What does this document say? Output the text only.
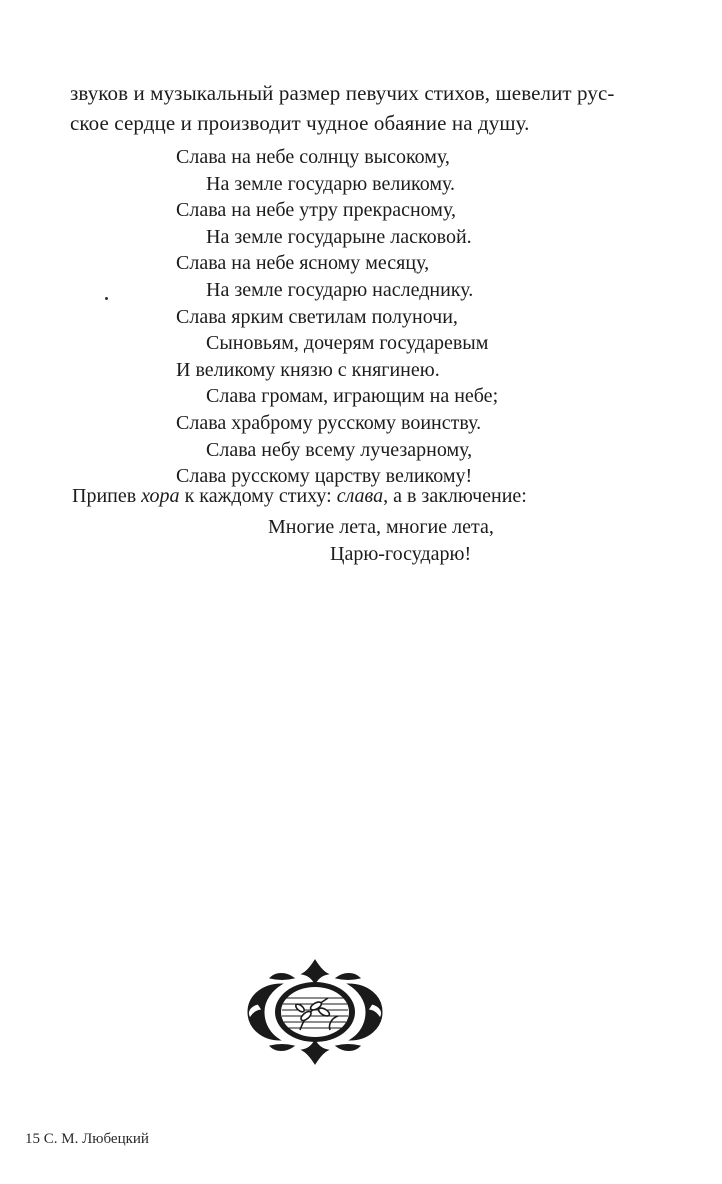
звуков и музыкальный размер певучих стихов, шевелит рус-
ское сердце и производит чудное обаяние на душу.
Слава на небе солнцу высокому,
На земле государю великому.
Слава на небе утру прекрасному,
На земле государыне ласковой.
Слава на небе ясному месяцу,
На земле государю наследнику.
Слава ярким светилам полуночи,
Сыновьям, дочерям государевым
И великому князю с княгинею.
Слава громам, играющим на небе;
Слава храброму русскому воинству.
Слава небу всему лучезарному,
Слава русскому царству великому!
Припев хора к каждому стиху: слава, а в заключение:
Многие лета, многие лета,
Царю-государю!
15 С. М. Любецкий
